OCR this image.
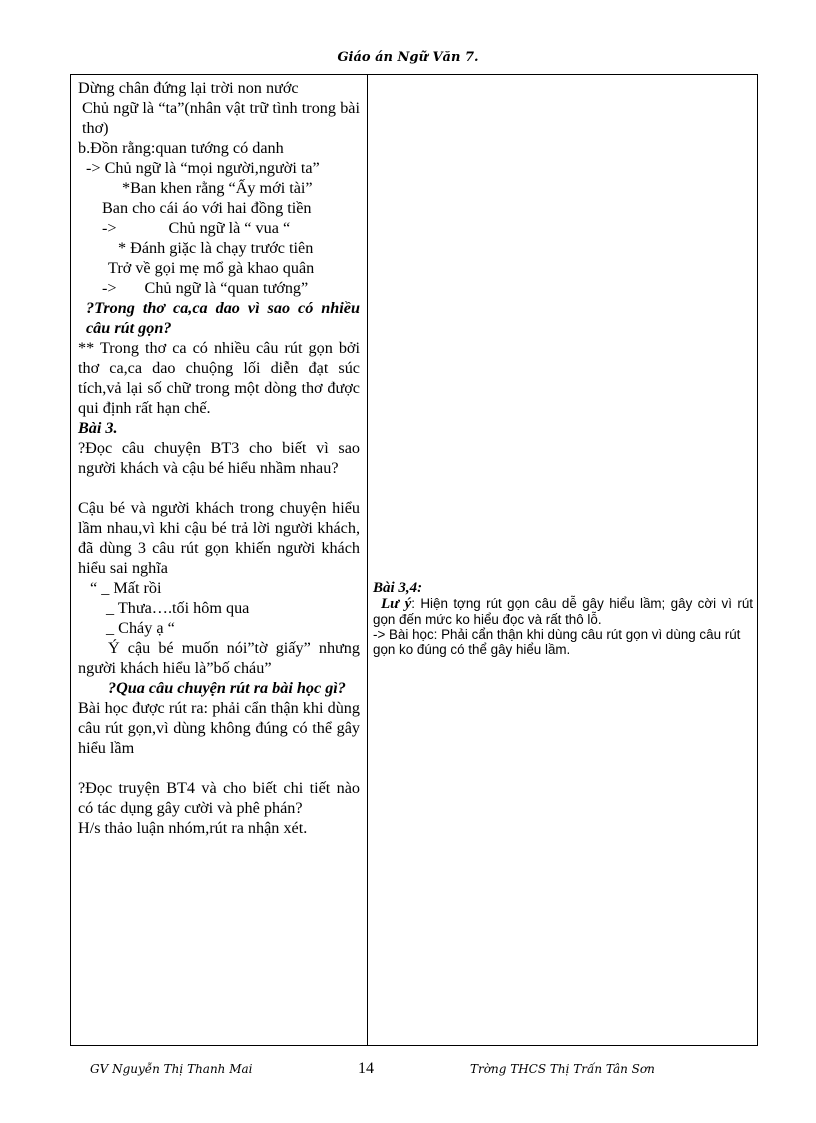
Giáo án Ngữ Văn 7.

Dừng chân đứng lại trời non nước

Chủ ngữ là “ta”(nhân vật trữ tình trong bài thơ)

b.Đồn rằng:quan tướng có danh

-> Chủ ngữ là “mọi người,người ta”

*Ban khen rằng “Ấy mới tài”

Ban cho cái áo với hai đồng tiền

->	Chủ ngữ là “ vua “

* Đánh giặc là chạy trước tiên

Trở về gọi mẹ mổ gà khao quân

-> Chủ ngữ là “quan tướng”

?Trong thơ ca,ca dao vì sao có nhiều câu rút gọn?

** Trong thơ ca có nhiều câu rút gọn bởi thơ ca,ca dao chuộng lối diễn đạt súc tích,vả lại số chữ trong một dòng thơ được qui định rất hạn chế.

Bài 3.

?Đọc câu chuyện BT3 cho biết vì sao người khách và cậu bé hiểu nhầm nhau?

Cậu bé và người khách trong chuyện hiểu lầm nhau,vì khi cậu bé trả lời người khách, đã dùng 3 câu rút gọn khiến người khách hiểu sai nghĩa

“ _ Mất rồi

_ Thưa….tối hôm qua

_ Cháy ạ “

Ý cậu bé muốn nói”tờ giấy” nhưng người khách hiểu là”bố cháu”

?Qua câu chuyện rút ra bài học gì?

Bài học được rút ra: phải cẩn thận khi dùng câu rút gọn,vì dùng không đúng có thể gây hiểu lầm

?Đọc truyện BT4 và cho biết chi tiết nào có tác dụng gây cười và phê phán?

H/s thảo luận nhóm,rút ra nhận xét.

Bài 3,4:

Lư ý: Hiện tợng rút gọn câu dễ gây hiểu lầm; gây cời vì rút gọn đến mức ko hiểu đọc và rất thô lỗ.

-> Bài học: Phải cẩn thận khi dùng câu rút gọn vì dùng câu rút gọn ko đúng có thể gây hiểu lầm.

GV Nguyễn Thị Thanh Mai	14	Trờng THCS Thị Trấn Tân Sơn
